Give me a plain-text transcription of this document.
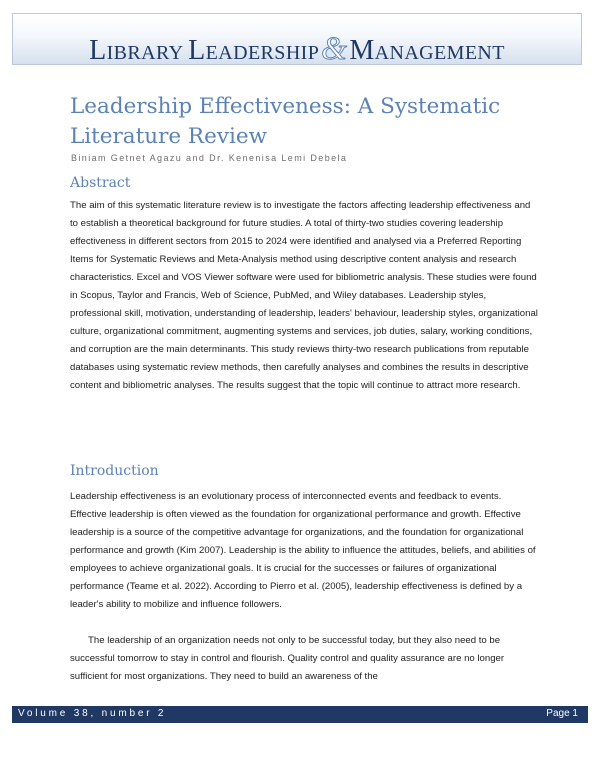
LIBRARY LEADERSHIP&MANAGEMENT
Leadership Effectiveness: A Systematic Literature Review
Biniam Getnet Agazu and Dr. Kenenisa Lemi Debela
Abstract
The aim of this systematic literature review is to investigate the factors affecting leadership effectiveness and to establish a theoretical background for future studies. A total of thirty-two studies covering leadership effectiveness in different sectors from 2015 to 2024 were identified and analysed via a Preferred Reporting Items for Systematic Reviews and Meta-Analysis method using descriptive content analysis and research characteristics. Excel and VOS Viewer software were used for bibliometric analysis. These studies were found in Scopus, Taylor and Francis, Web of Science, PubMed, and Wiley databases. Leadership styles, professional skill, motivation, understanding of leadership, leaders' behaviour, leadership styles, organizational culture, organizational commitment, augmenting systems and services, job duties, salary, working conditions, and corruption are the main determinants. This study reviews thirty-two research publications from reputable databases using systematic review methods, then carefully analyses and combines the results in descriptive content and bibliometric analyses. The results suggest that the topic will continue to attract more research.
Introduction
Leadership effectiveness is an evolutionary process of interconnected events and feedback to events. Effective leadership is often viewed as the foundation for organizational performance and growth. Effective leadership is a source of the competitive advantage for organizations, and the foundation for organizational performance and growth (Kim 2007). Leadership is the ability to influence the attitudes, beliefs, and abilities of employees to achieve organizational goals. It is crucial for the successes or failures of organizational performance (Teame et al. 2022). According to Pierro et al. (2005), leadership effectiveness is defined by a leader's ability to mobilize and influence followers.
The leadership of an organization needs not only to be successful today, but they also need to be successful tomorrow to stay in control and flourish. Quality control and quality assurance are no longer sufficient for most organizations. They need to build an awareness of the
Volume 38, number 2	Page 1
